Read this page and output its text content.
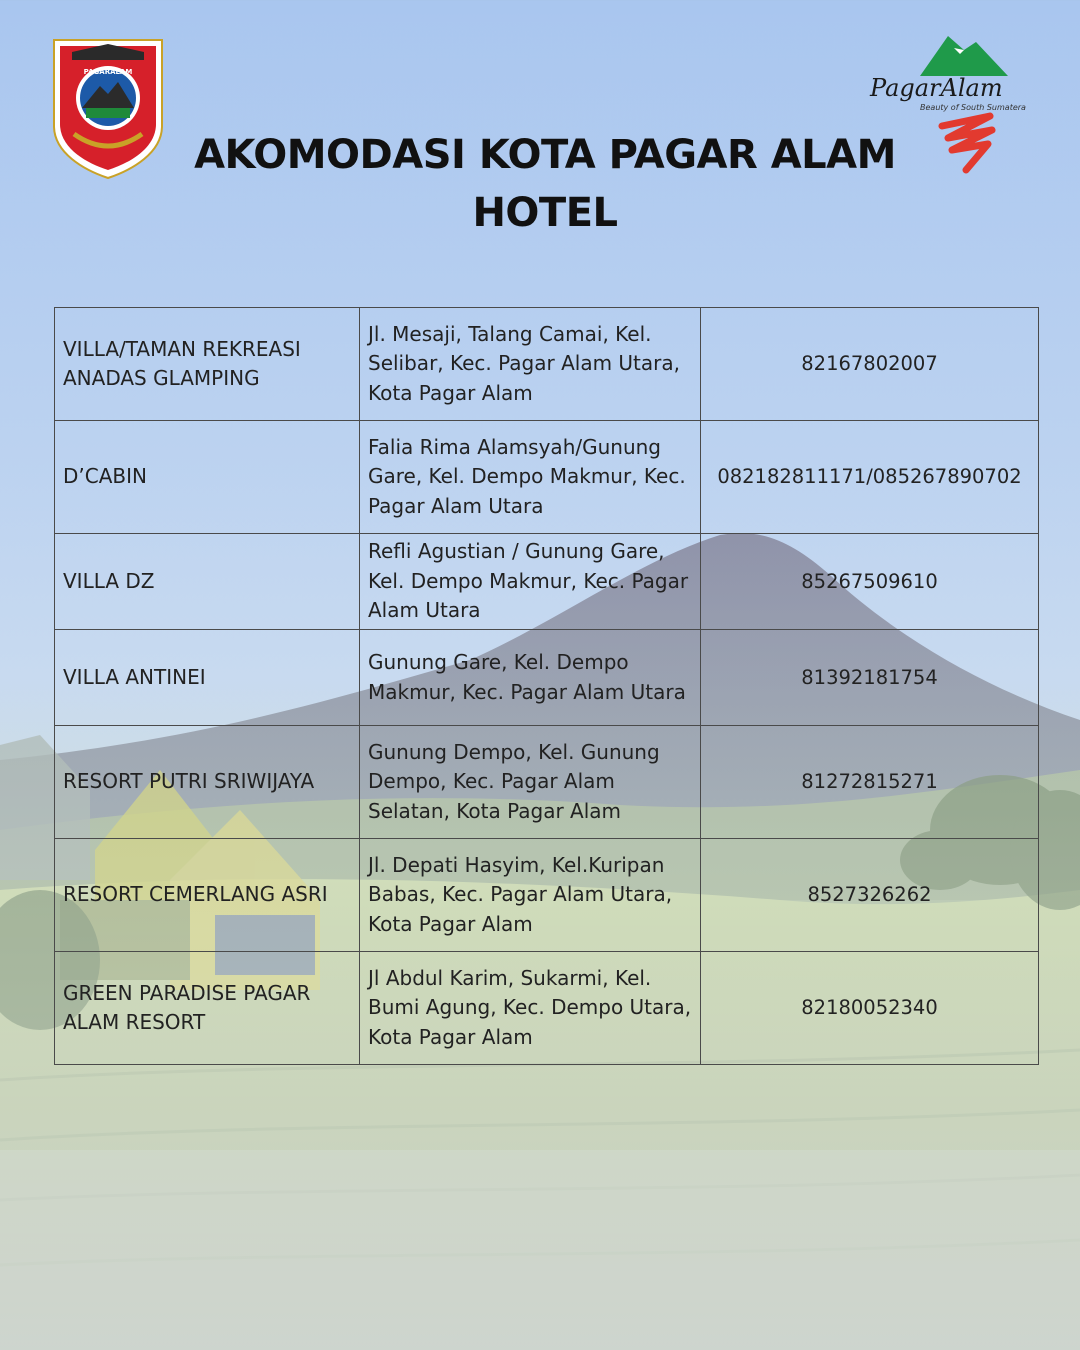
PAGARALAM
PagarAlam
Beauty of South Sumatera
AKOMODASI KOTA PAGAR ALAM
HOTEL
VILLA/TAMAN REKREASI ANADAS GLAMPING	Jl. Mesaji, Talang Camai, Kel. Selibar, Kec. Pagar Alam Utara, Kota Pagar Alam	82167802007
D’CABIN	Falia Rima Alamsyah/Gunung Gare, Kel. Dempo Makmur, Kec. Pagar Alam Utara	082182811171/085267890702
VILLA DZ	Refli Agustian / Gunung Gare, Kel. Dempo Makmur, Kec. Pagar Alam Utara	85267509610
VILLA ANTINEI	Gunung Gare, Kel. Dempo Makmur, Kec. Pagar Alam Utara	81392181754
RESORT PUTRI SRIWIJAYA	Gunung Dempo, Kel. Gunung Dempo, Kec. Pagar Alam Selatan, Kota Pagar Alam	81272815271
RESORT CEMERLANG ASRI	Jl. Depati Hasyim, Kel.Kuripan Babas, Kec. Pagar Alam Utara, Kota Pagar Alam	8527326262
GREEN PARADISE PAGAR ALAM RESORT	Jl Abdul Karim, Sukarmi, Kel. Bumi Agung, Kec. Dempo Utara, Kota Pagar Alam	82180052340
